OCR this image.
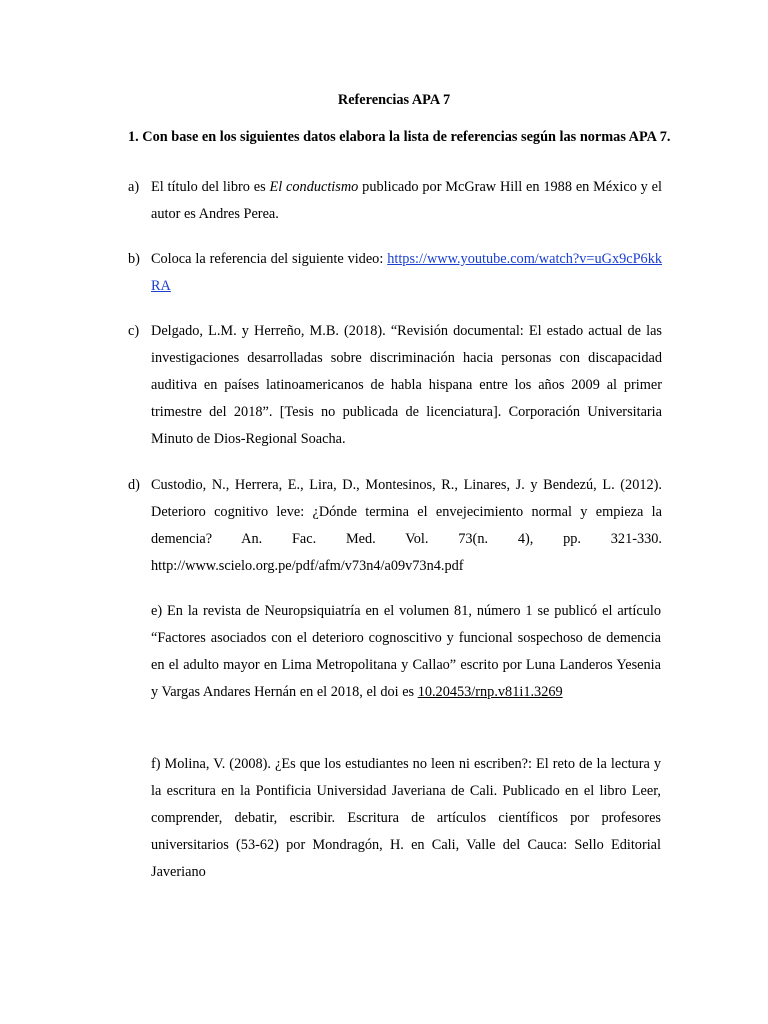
Referencias APA 7
1. Con base en los siguientes datos elabora la lista de referencias según las normas APA 7.
a) El título del libro es El conductismo publicado por McGraw Hill en 1988 en México y el autor es Andres Perea.
b) Coloca la referencia del siguiente video: https://www.youtube.com/watch?v=uGx9cP6kkRA
c) Delgado, L.M. y Herreño, M.B. (2018). “Revisión documental: El estado actual de las investigaciones desarrolladas sobre discriminación hacia personas con discapacidad auditiva en países latinoamericanos de habla hispana entre los años 2009 al primer trimestre del 2018”. [Tesis no publicada de licenciatura]. Corporación Universitaria Minuto de Dios-Regional Soacha.
d) Custodio, N., Herrera, E., Lira, D., Montesinos, R., Linares, J. y Bendezú, L. (2012). Deterioro cognitivo leve: ¿Dónde termina el envejecimiento normal y empieza la demencia? An. Fac. Med. Vol. 73(n. 4), pp. 321-330. http://www.scielo.org.pe/pdf/afm/v73n4/a09v73n4.pdf
e) En la revista de Neuropsiquiatría en el volumen 81, número 1 se publicó el artículo “Factores asociados con el deterioro cognoscitivo y funcional sospechoso de demencia en el adulto mayor en Lima Metropolitana y Callao” escrito por Luna Landeros Yesenia y Vargas Andares Hernán en el 2018, el doi es 10.20453/rnp.v81i1.3269
f) Molina, V. (2008). ¿Es que los estudiantes no leen ni escriben?: El reto de la lectura y la escritura en la Pontificia Universidad Javeriana de Cali. Publicado en el libro Leer, comprender, debatir, escribir. Escritura de artículos científicos por profesores universitarios (53-62) por Mondragón, H. en Cali, Valle del Cauca: Sello Editorial Javeriano
